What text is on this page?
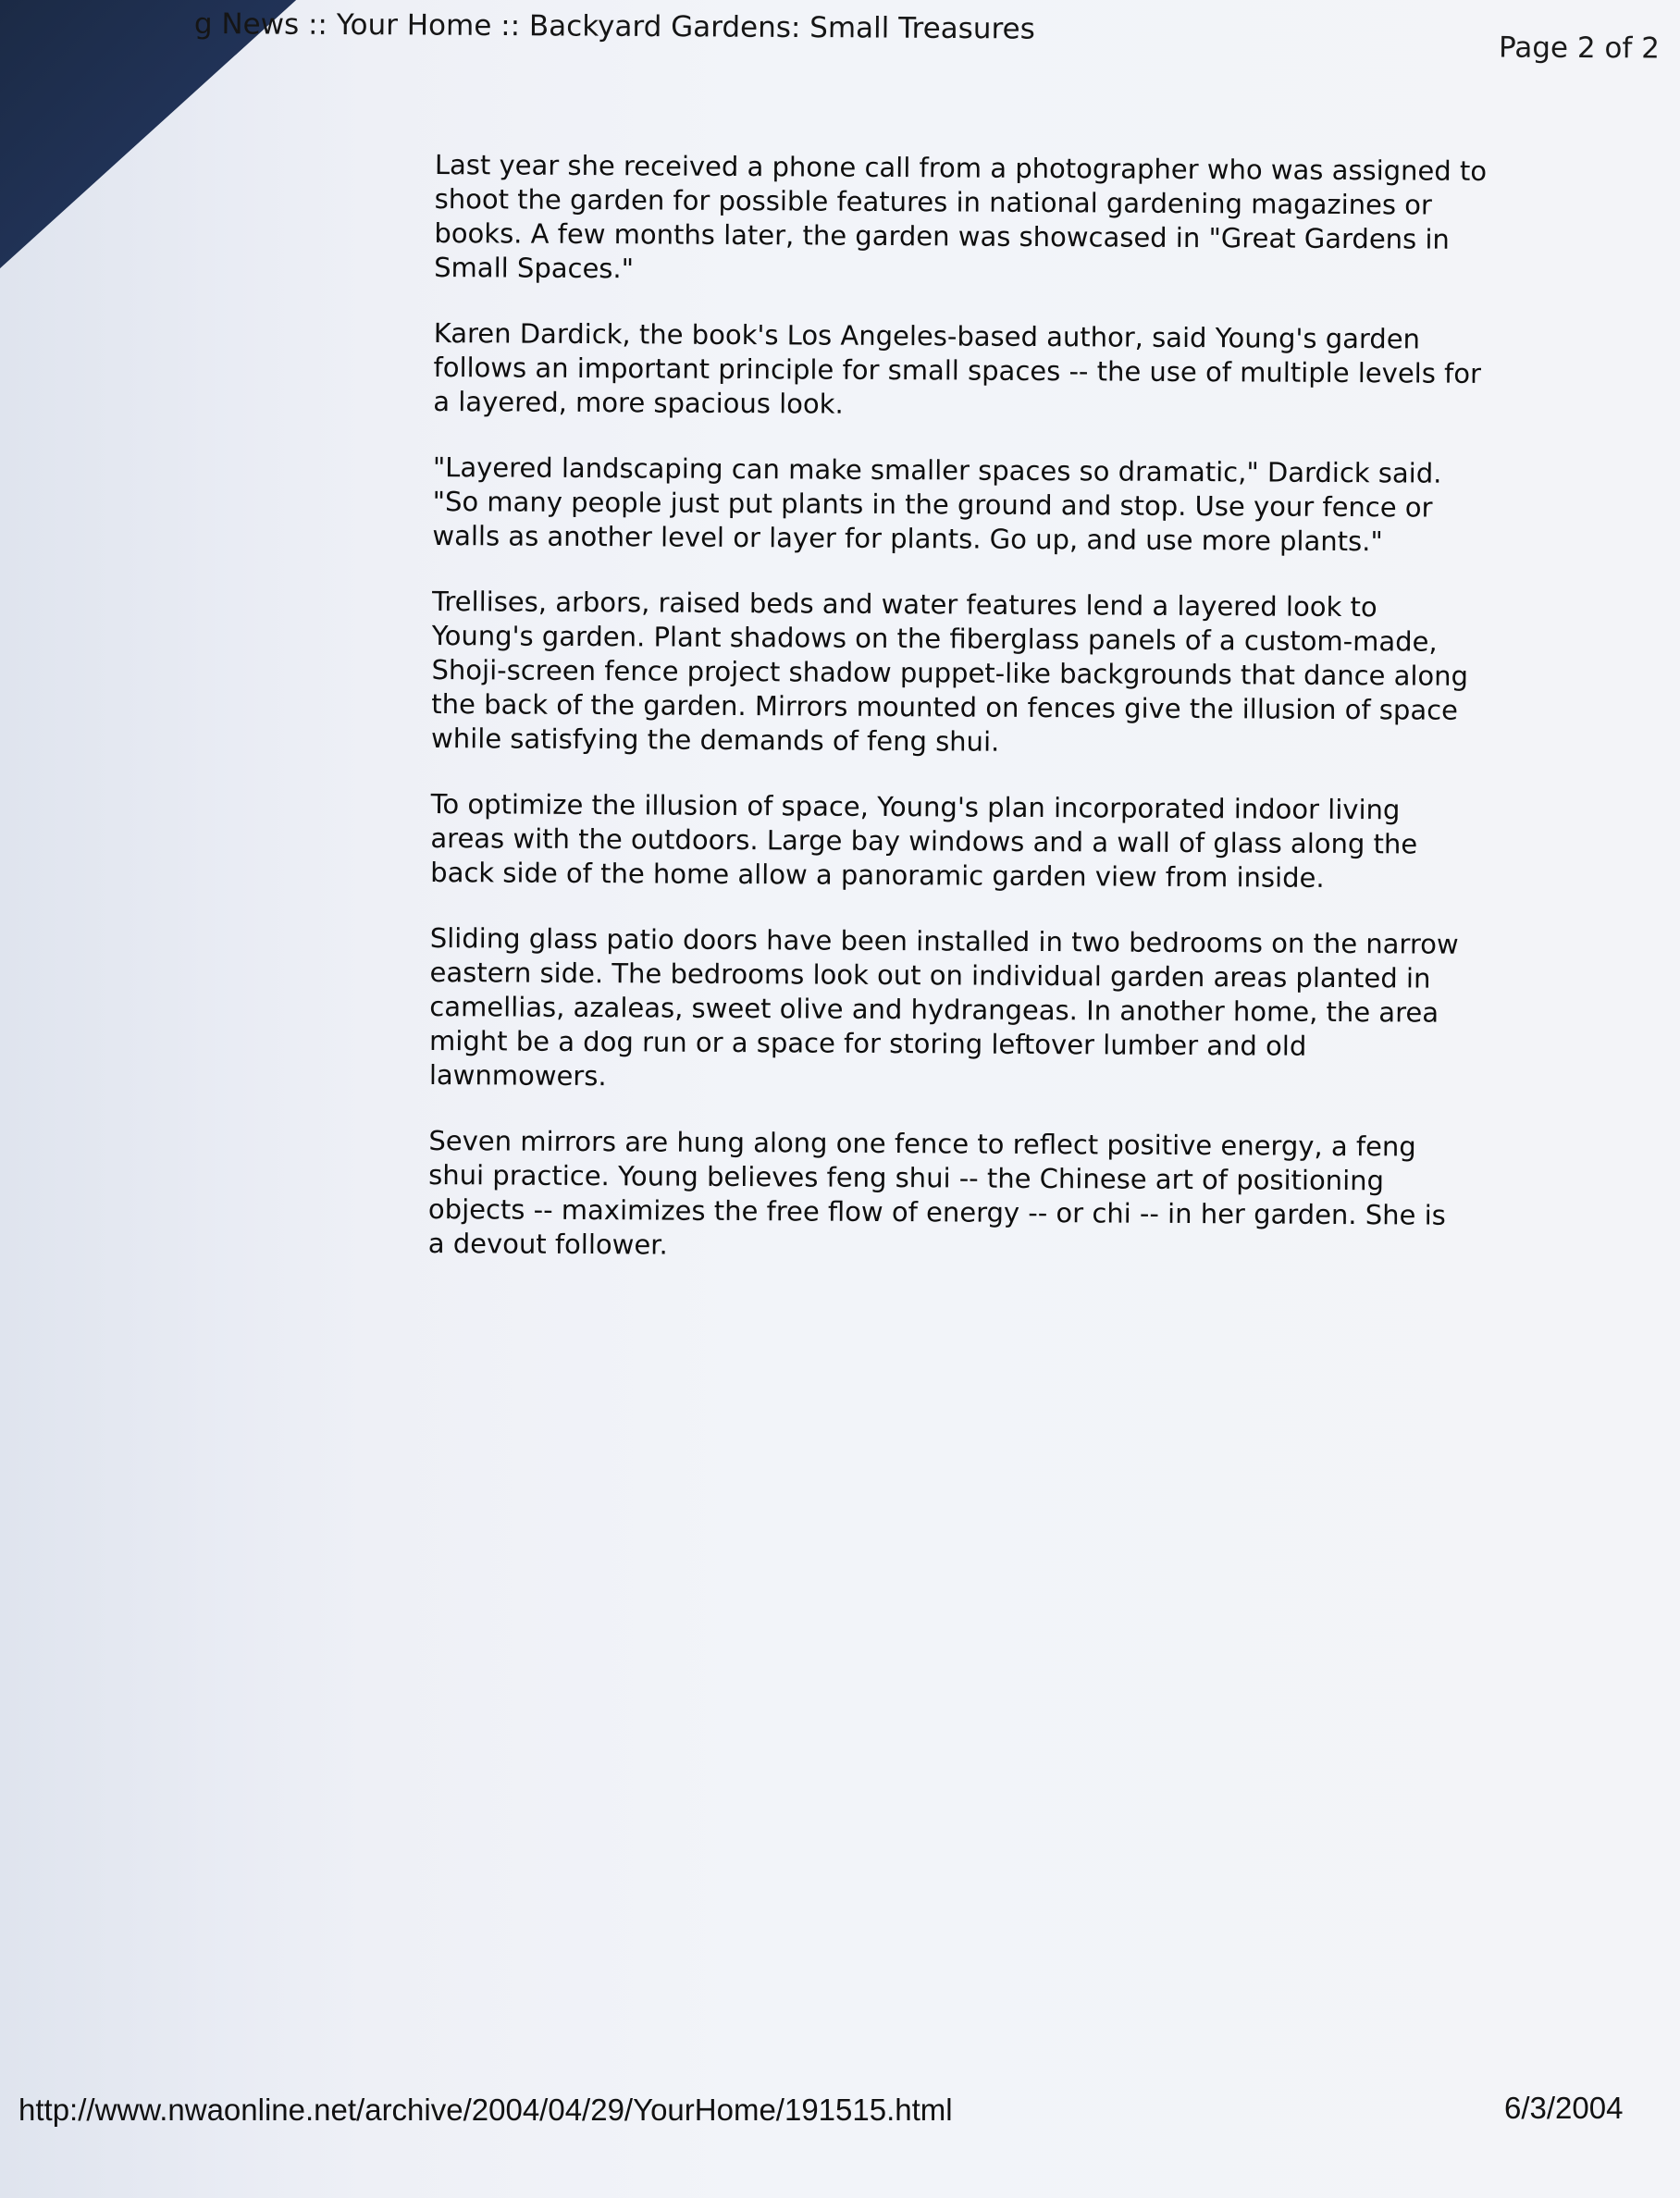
g News :: Your Home :: Backyard Gardens: Small Treasures
Page 2 of 2

Last year she received a phone call from a photographer who was assigned to
shoot the garden for possible features in national gardening magazines or
books. A few months later, the garden was showcased in "Great Gardens in
Small Spaces."

Karen Dardick, the book's Los Angeles-based author, said Young's garden
follows an important principle for small spaces -- the use of multiple levels for
a layered, more spacious look.

"Layered landscaping can make smaller spaces so dramatic," Dardick said.
"So many people just put plants in the ground and stop. Use your fence or
walls as another level or layer for plants. Go up, and use more plants."

Trellises, arbors, raised beds and water features lend a layered look to
Young's garden. Plant shadows on the fiberglass panels of a custom-made,
Shoji-screen fence project shadow puppet-like backgrounds that dance along
the back of the garden. Mirrors mounted on fences give the illusion of space
while satisfying the demands of feng shui.

To optimize the illusion of space, Young's plan incorporated indoor living
areas with the outdoors. Large bay windows and a wall of glass along the
back side of the home allow a panoramic garden view from inside.

Sliding glass patio doors have been installed in two bedrooms on the narrow
eastern side. The bedrooms look out on individual garden areas planted in
camellias, azaleas, sweet olive and hydrangeas. In another home, the area
might be a dog run or a space for storing leftover lumber and old
lawnmowers.

Seven mirrors are hung along one fence to reflect positive energy, a feng
shui practice. Young believes feng shui -- the Chinese art of positioning
objects -- maximizes the free flow of energy -- or chi -- in her garden. She is
a devout follower.

http://www.nwaonline.net/archive/2004/04/29/YourHome/191515.html	6/3/2004
